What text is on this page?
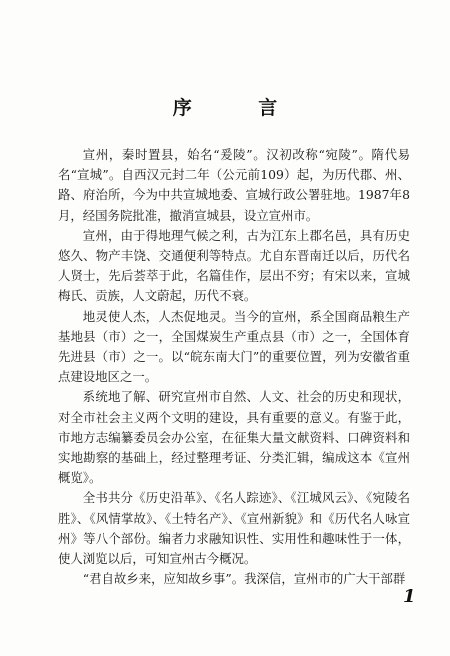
序 言

宣州，秦时置县，始名“爰陵”。汉初改称“宛陵”。隋代易名“宣城”。自西汉元封二年（公元前109）起，为历代郡、州、路、府治所，今为中共宣城地委、宣城行政公署驻地。1987年8月，经国务院批准，撤消宣城县，设立宣州市。

宣州，由于得地理气候之利，古为江东上郡名邑，具有历史悠久、物产丰饶、交通便利等特点。尤自东晋南迁以后，历代名人贤士，先后荟萃于此，名篇佳作，层出不穷；有宋以来，宣城梅氏、贡族，人文蔚起，历代不衰。

地灵使人杰，人杰促地灵。当今的宣州，系全国商品粮生产基地县（市）之一，全国煤炭生产重点县（市）之一，全国体育先进县（市）之一。以“皖东南大门”的重要位置，列为安徽省重点建设地区之一。

系统地了解、研究宣州市自然、人文、社会的历史和现状，对全市社会主义两个文明的建设，具有重要的意义。有鉴于此，市地方志编纂委员会办公室，在征集大量文献资料、口碑资料和实地勘察的基础上，经过整理考证、分类汇辑，编成这本《宣州概览》。

全书共分《历史沿革》、《名人踪迹》、《江城风云》、《宛陵名胜》、《风情掌故》、《土特名产》、《宣州新貌》和《历代名人咏宣州》等八个部份。编者力求融知识性、实用性和趣味性于一体，使人浏览以后，可知宣州古今概况。

“君自故乡来，应知故乡事”。我深信，宣州市的广大干部群

1
